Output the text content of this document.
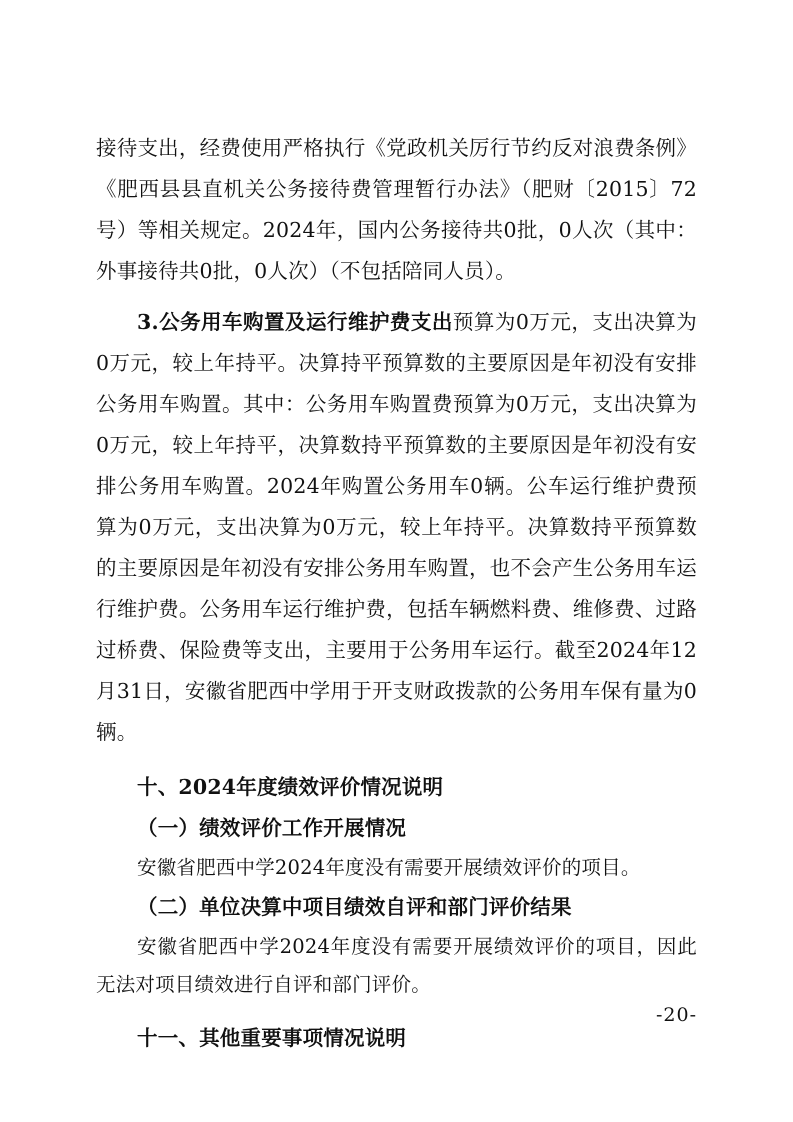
接待支出，经费使用严格执行《党政机关厉行节约反对浪费条例》《肥西县县直机关公务接待费管理暂行办法》（肥财〔2015〕72号）等相关规定。2024年，国内公务接待共0批，0人次（其中：外事接待共0批，0人次）（不包括陪同人员）。

3.公务用车购置及运行维护费支出预算为0万元，支出决算为0万元，较上年持平。决算持平预算数的主要原因是年初没有安排公务用车购置。其中：公务用车购置费预算为0万元，支出决算为0万元，较上年持平，决算数持平预算数的主要原因是年初没有安排公务用车购置。2024年购置公务用车0辆。公车运行维护费预算为0万元，支出决算为0万元，较上年持平。决算数持平预算数的主要原因是年初没有安排公务用车购置，也不会产生公务用车运行维护费。公务用车运行维护费，包括车辆燃料费、维修费、过路过桥费、保险费等支出，主要用于公务用车运行。截至2024年12月31日，安徽省肥西中学用于开支财政拨款的公务用车保有量为0辆。

十、2024年度绩效评价情况说明

（一）绩效评价工作开展情况

安徽省肥西中学2024年度没有需要开展绩效评价的项目。

（二）单位决算中项目绩效自评和部门评价结果

安徽省肥西中学2024年度没有需要开展绩效评价的项目，因此无法对项目绩效进行自评和部门评价。

十一、其他重要事项情况说明

-20-
